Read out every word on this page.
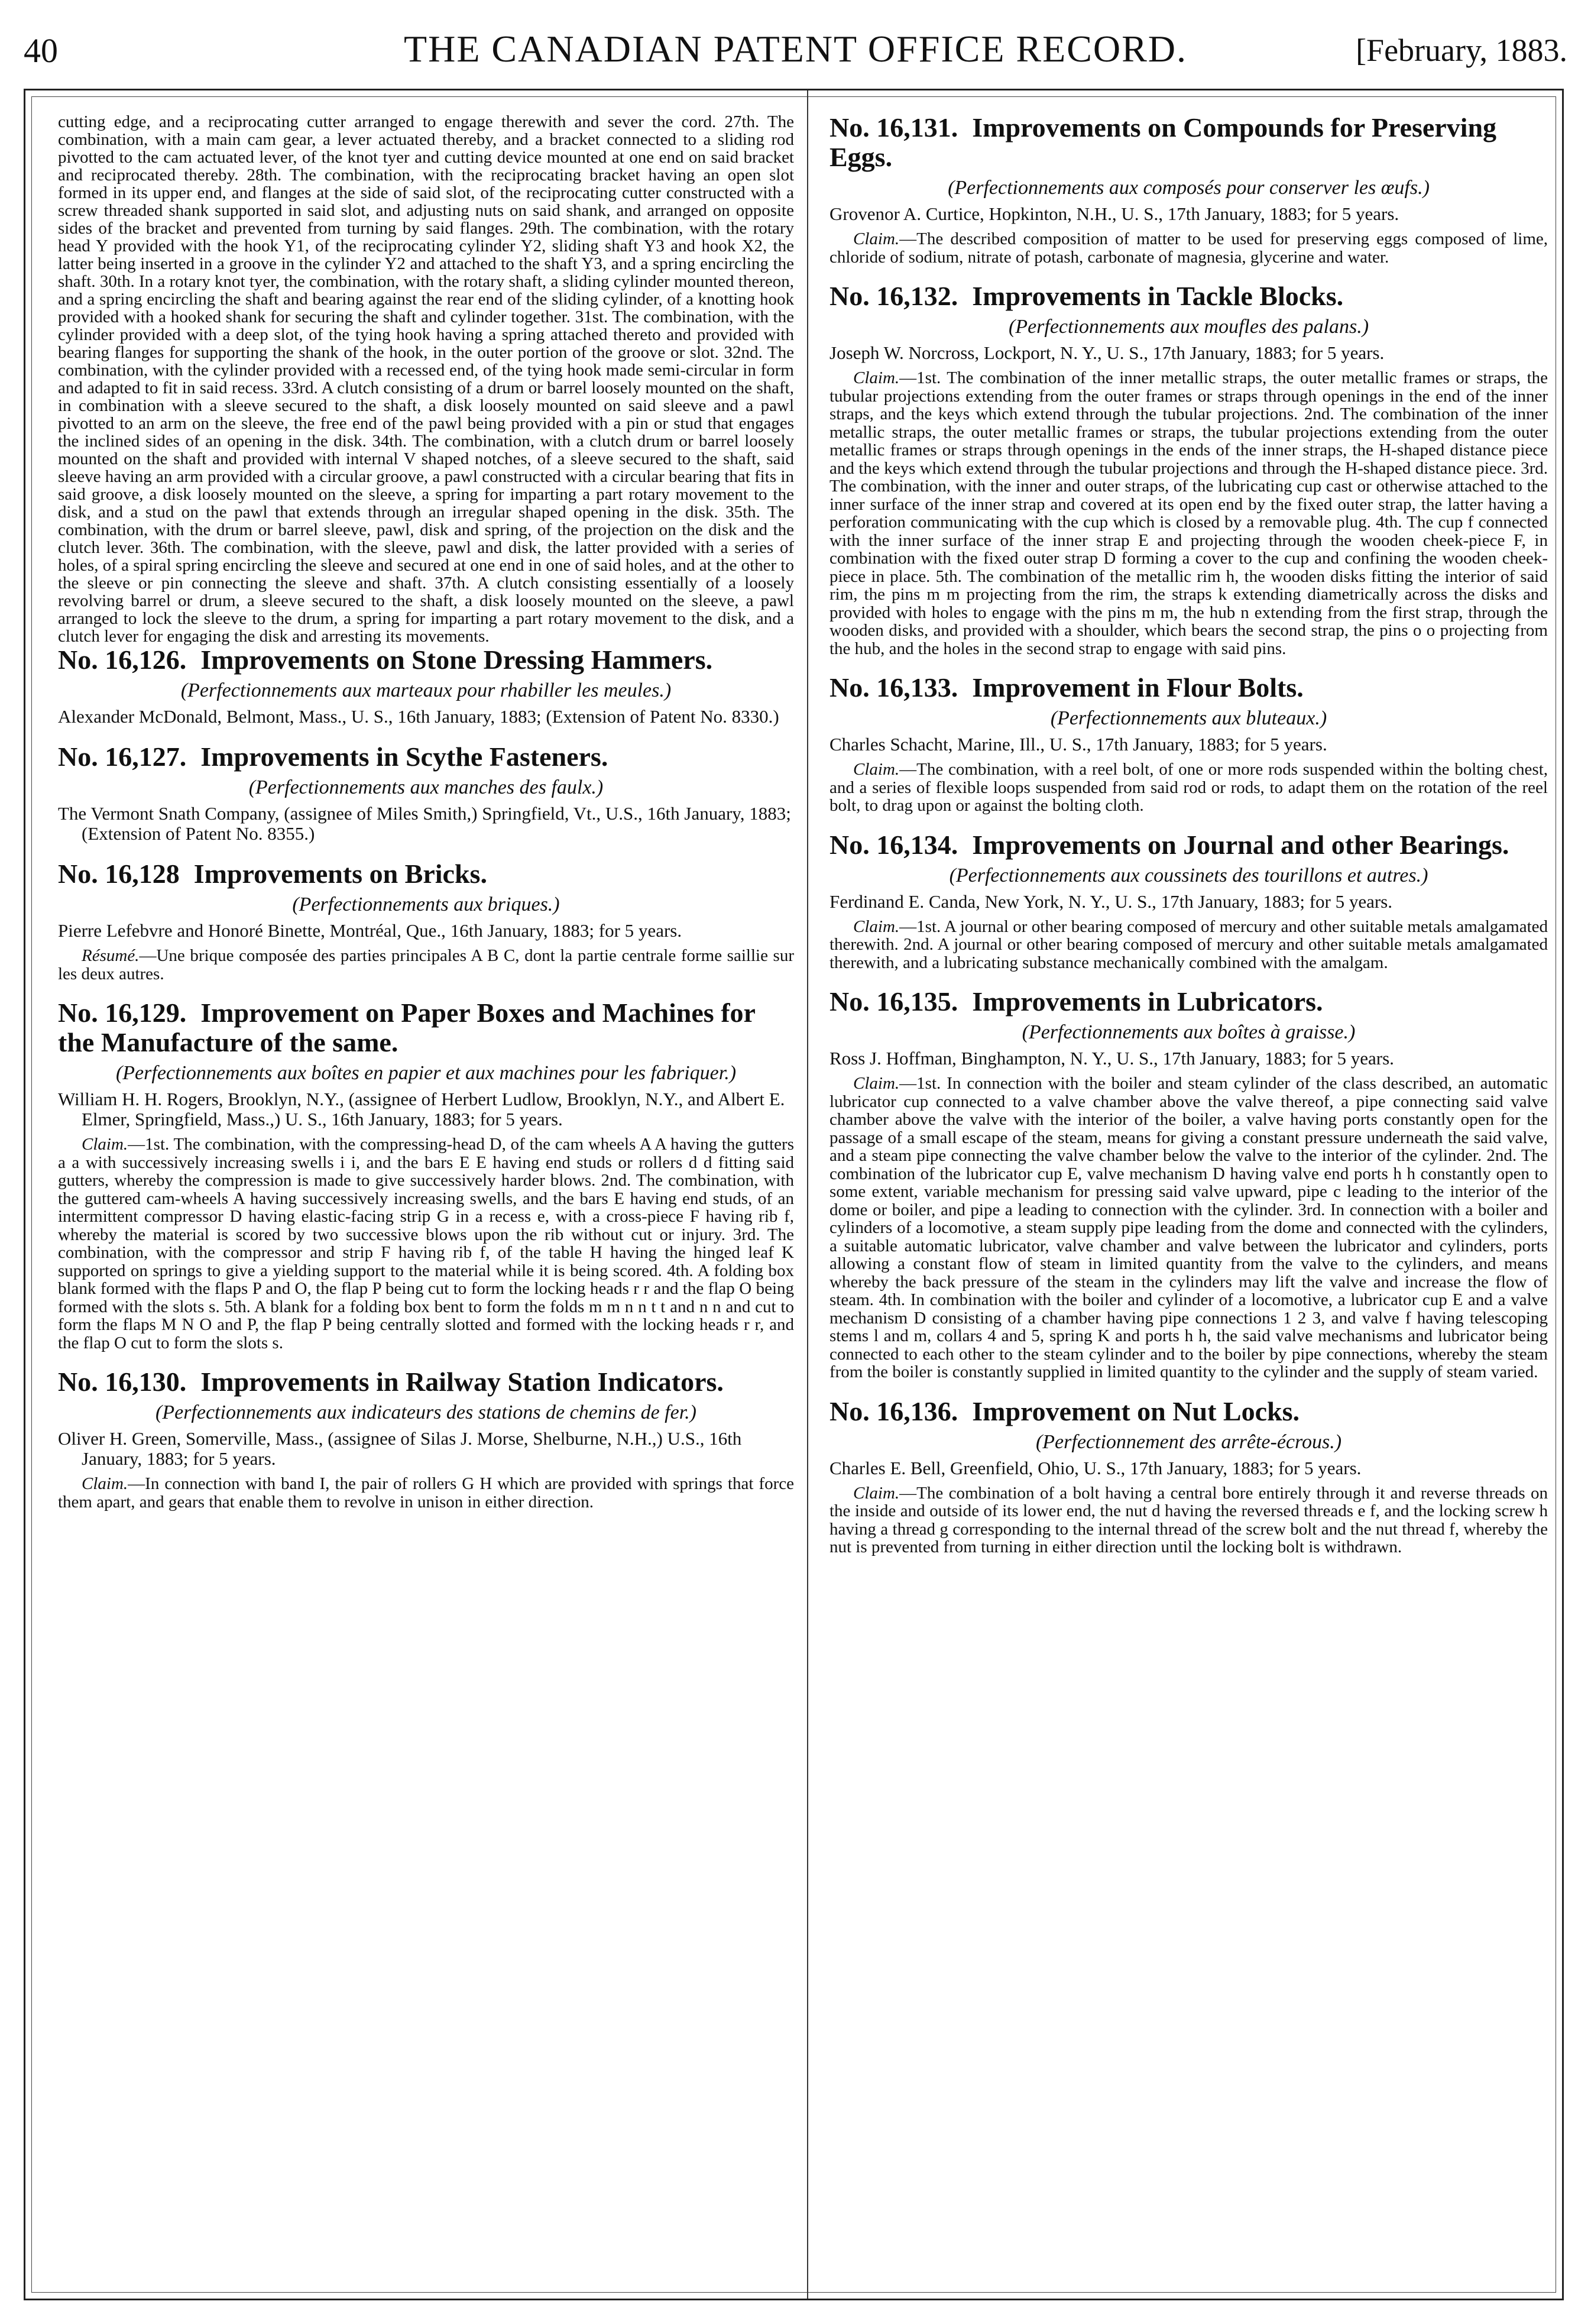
40	THE CANADIAN PATENT OFFICE RECORD.	[February, 1883.

cutting edge, and a reciprocating cutter arranged to engage therewith and sever the cord. 27th. The combination, with a main cam gear, a lever actuated thereby, and a bracket connected to a sliding rod pivotted to the cam actuated lever, of the knot tyer and cutting device mounted at one end on said bracket and reciprocated thereby. 28th. The combination, with the reciprocating bracket having an open slot formed in its upper end, and flanges at the side of said slot, of the reciprocating cutter constructed with a screw threaded shank supported in said slot, and adjusting nuts on said shank, and arranged on opposite sides of the bracket and prevented from turning by said flanges. 29th. The combination, with the rotary head Y provided with the hook Y1, of the reciprocating cylinder Y2, sliding shaft Y3 and hook X2, the latter being inserted in a groove in the cylinder Y2 and attached to the shaft Y3, and a spring encircling the shaft. 30th. In a rotary knot tyer, the combination, with the rotary shaft, a sliding cylinder mounted thereon, and a spring encircling the shaft and bearing against the rear end of the sliding cylinder, of a knotting hook provided with a hooked shank for securing the shaft and cylinder together. 31st. The combination, with the cylinder provided with a deep slot, of the tying hook having a spring attached thereto and provided with bearing flanges for supporting the shank of the hook, in the outer portion of the groove or slot. 32nd. The combination, with the cylinder provided with a recessed end, of the tying hook made semi-circular in form and adapted to fit in said recess. 33rd. A clutch consisting of a drum or barrel loosely mounted on the shaft, in combination with a sleeve secured to the shaft, a disk loosely mounted on said sleeve and a pawl pivotted to an arm on the sleeve, the free end of the pawl being provided with a pin or stud that engages the inclined sides of an opening in the disk. 34th. The combination, with a clutch drum or barrel loosely mounted on the shaft and provided with internal V shaped notches, of a sleeve secured to the shaft, said sleeve having an arm provided with a circular groove, a pawl constructed with a circular bearing that fits in said groove, a disk loosely mounted on the sleeve, a spring for imparting a part rotary movement to the disk, and a stud on the pawl that extends through an irregular shaped opening in the disk. 35th. The combination, with the drum or barrel sleeve, pawl, disk and spring, of the projection on the disk and the clutch lever. 36th. The combination, with the sleeve, pawl and disk, the latter provided with a series of holes, of a spiral spring encircling the sleeve and secured at one end in one of said holes, and at the other to the sleeve or pin connecting the sleeve and shaft. 37th. A clutch consisting essentially of a loosely revolving barrel or drum, a sleeve secured to the shaft, a disk loosely mounted on the sleeve, a pawl arranged to lock the sleeve to the drum, a spring for imparting a part rotary movement to the disk, and a clutch lever for engaging the disk and arresting its movements.

No. 16,126. Improvements on Stone Dressing Hammers.
(Perfectionnements aux marteaux pour rhabiller les meules.)

Alexander McDonald, Belmont, Mass., U. S., 16th January, 1883; (Extension of Patent No. 8330.)

No. 16,127. Improvements in Scythe Fasteners.
(Perfectionnements aux manches des faulx.)

The Vermont Snath Company, (assignee of Miles Smith,) Springfield, Vt., U.S., 16th January, 1883; (Extension of Patent No. 8355.)

No. 16,128 Improvements on Bricks.
(Perfectionnements aux briques.)

Pierre Lefebvre and Honoré Binette, Montréal, Que., 16th January, 1883; for 5 years.

Résumé.—Une brique composée des parties principales A B C, dont la partie centrale forme saillie sur les deux autres.

No. 16,129. Improvement on Paper Boxes and Machines for the Manufacture of the same.
(Perfectionnements aux boîtes en papier et aux machines pour les fabriquer.)

William H. H. Rogers, Brooklyn, N.Y., (assignee of Herbert Ludlow, Brooklyn, N.Y., and Albert E. Elmer, Springfield, Mass.,) U. S., 16th January, 1883; for 5 years.

Claim.—1st. The combination, with the compressing-head D, of the cam wheels A A having the gutters a a with successively increasing swells i i, and the bars E E having end studs or rollers d d fitting said gutters, whereby the compression is made to give successively harder blows. 2nd. The combination, with the guttered cam-wheels A having successively increasing swells, and the bars E having end studs, of an intermittent compressor D having elastic-facing strip G in a recess e, with a cross-piece F having rib f, whereby the material is scored by two successive blows upon the rib without cut or injury. 3rd. The combination, with the compressor and strip F having rib f, of the table H having the hinged leaf K supported on springs to give a yielding support to the material while it is being scored. 4th. A folding box blank formed with the flaps P and O, the flap P being cut to form the locking heads r r and the flap O being formed with the slots s. 5th. A blank for a folding box bent to form the folds m m n n t t and n n and cut to form the flaps M N O and P, the flap P being centrally slotted and formed with the locking heads r r, and the flap O cut to form the slots s.

No. 16,130. Improvements in Railway Station Indicators.
(Perfectionnements aux indicateurs des stations de chemins de fer.)

Oliver H. Green, Somerville, Mass., (assignee of Silas J. Morse, Shelburne, N.H.,) U.S., 16th January, 1883; for 5 years.

Claim.—In connection with band I, the pair of rollers G H which are provided with springs that force them apart, and gears that enable them to revolve in unison in either direction.

No. 16,131. Improvements on Compounds for Preserving Eggs.
(Perfectionnements aux composés pour conserver les œufs.)

Grovenor A. Curtice, Hopkinton, N.H., U. S., 17th January, 1883; for 5 years.

Claim.—The described composition of matter to be used for preserving eggs composed of lime, chloride of sodium, nitrate of potash, carbonate of magnesia, glycerine and water.

No. 16,132. Improvements in Tackle Blocks.
(Perfectionnements aux moufles des palans.)

Joseph W. Norcross, Lockport, N. Y., U. S., 17th January, 1883; for 5 years.

Claim.—1st. The combination of the inner metallic straps, the outer metallic frames or straps, the tubular projections extending from the outer frames or straps through openings in the end of the inner straps, and the keys which extend through the tubular projections. 2nd. The combination of the inner metallic straps, the outer metallic frames or straps, the tubular projections extending from the outer metallic frames or straps through openings in the ends of the inner straps, the H-shaped distance piece and the keys which extend through the tubular projections and through the H-shaped distance piece. 3rd. The combination, with the inner and outer straps, of the lubricating cup cast or otherwise attached to the inner surface of the inner strap and covered at its open end by the fixed outer strap, the latter having a perforation communicating with the cup which is closed by a removable plug. 4th. The cup f connected with the inner surface of the inner strap E and projecting through the wooden cheek-piece F, in combination with the fixed outer strap D forming a cover to the cup and confining the wooden cheek-piece in place. 5th. The combination of the metallic rim h, the wooden disks fitting the interior of said rim, the pins m m projecting from the rim, the straps k extending diametrically across the disks and provided with holes to engage with the pins m m, the hub n extending from the first strap, through the wooden disks, and provided with a shoulder, which bears the second strap, the pins o o projecting from the hub, and the holes in the second strap to engage with said pins.

No. 16,133. Improvement in Flour Bolts.
(Perfectionnements aux bluteaux.)

Charles Schacht, Marine, Ill., U. S., 17th January, 1883; for 5 years.

Claim.—The combination, with a reel bolt, of one or more rods suspended within the bolting chest, and a series of flexible loops suspended from said rod or rods, to adapt them on the rotation of the reel bolt, to drag upon or against the bolting cloth.

No. 16,134. Improvements on Journal and other Bearings.
(Perfectionnements aux coussinets des tourillons et autres.)

Ferdinand E. Canda, New York, N. Y., U. S., 17th January, 1883; for 5 years.

Claim.—1st. A journal or other bearing composed of mercury and other suitable metals amalgamated therewith. 2nd. A journal or other bearing composed of mercury and other suitable metals amalgamated therewith, and a lubricating substance mechanically combined with the amalgam.

No. 16,135. Improvements in Lubricators.
(Perfectionnements aux boîtes à graisse.)

Ross J. Hoffman, Binghampton, N. Y., U. S., 17th January, 1883; for 5 years.

Claim.—1st. In connection with the boiler and steam cylinder of the class described, an automatic lubricator cup connected to a valve chamber above the valve thereof, a pipe connecting said valve chamber above the valve with the interior of the boiler, a valve having ports constantly open for the passage of a small escape of the steam, means for giving a constant pressure underneath the said valve, and a steam pipe connecting the valve chamber below the valve to the interior of the cylinder. 2nd. The combination of the lubricator cup E, valve mechanism D having valve end ports h h constantly open to some extent, variable mechanism for pressing said valve upward, pipe c leading to the interior of the dome or boiler, and pipe a leading to connection with the cylinder. 3rd. In connection with a boiler and cylinders of a locomotive, a steam supply pipe leading from the dome and connected with the cylinders, a suitable automatic lubricator, valve chamber and valve between the lubricator and cylinders, ports allowing a constant flow of steam in limited quantity from the valve to the cylinders, and means whereby the back pressure of the steam in the cylinders may lift the valve and increase the flow of steam. 4th. In combination with the boiler and cylinder of a locomotive, a lubricator cup E and a valve mechanism D consisting of a chamber having pipe connections 1 2 3, and valve f having telescoping stems l and m, collars 4 and 5, spring K and ports h h, the said valve mechanisms and lubricator being connected to each other to the steam cylinder and to the boiler by pipe connections, whereby the steam from the boiler is constantly supplied in limited quantity to the cylinder and the supply of steam varied.

No. 16,136. Improvement on Nut Locks.
(Perfectionnement des arrête-écrous.)

Charles E. Bell, Greenfield, Ohio, U. S., 17th January, 1883; for 5 years.

Claim.—The combination of a bolt having a central bore entirely through it and reverse threads on the inside and outside of its lower end, the nut d having the reversed threads e f, and the locking screw h having a thread g corresponding to the internal thread of the screw bolt and the nut thread f, whereby the nut is prevented from turning in either direction until the locking bolt is withdrawn.
